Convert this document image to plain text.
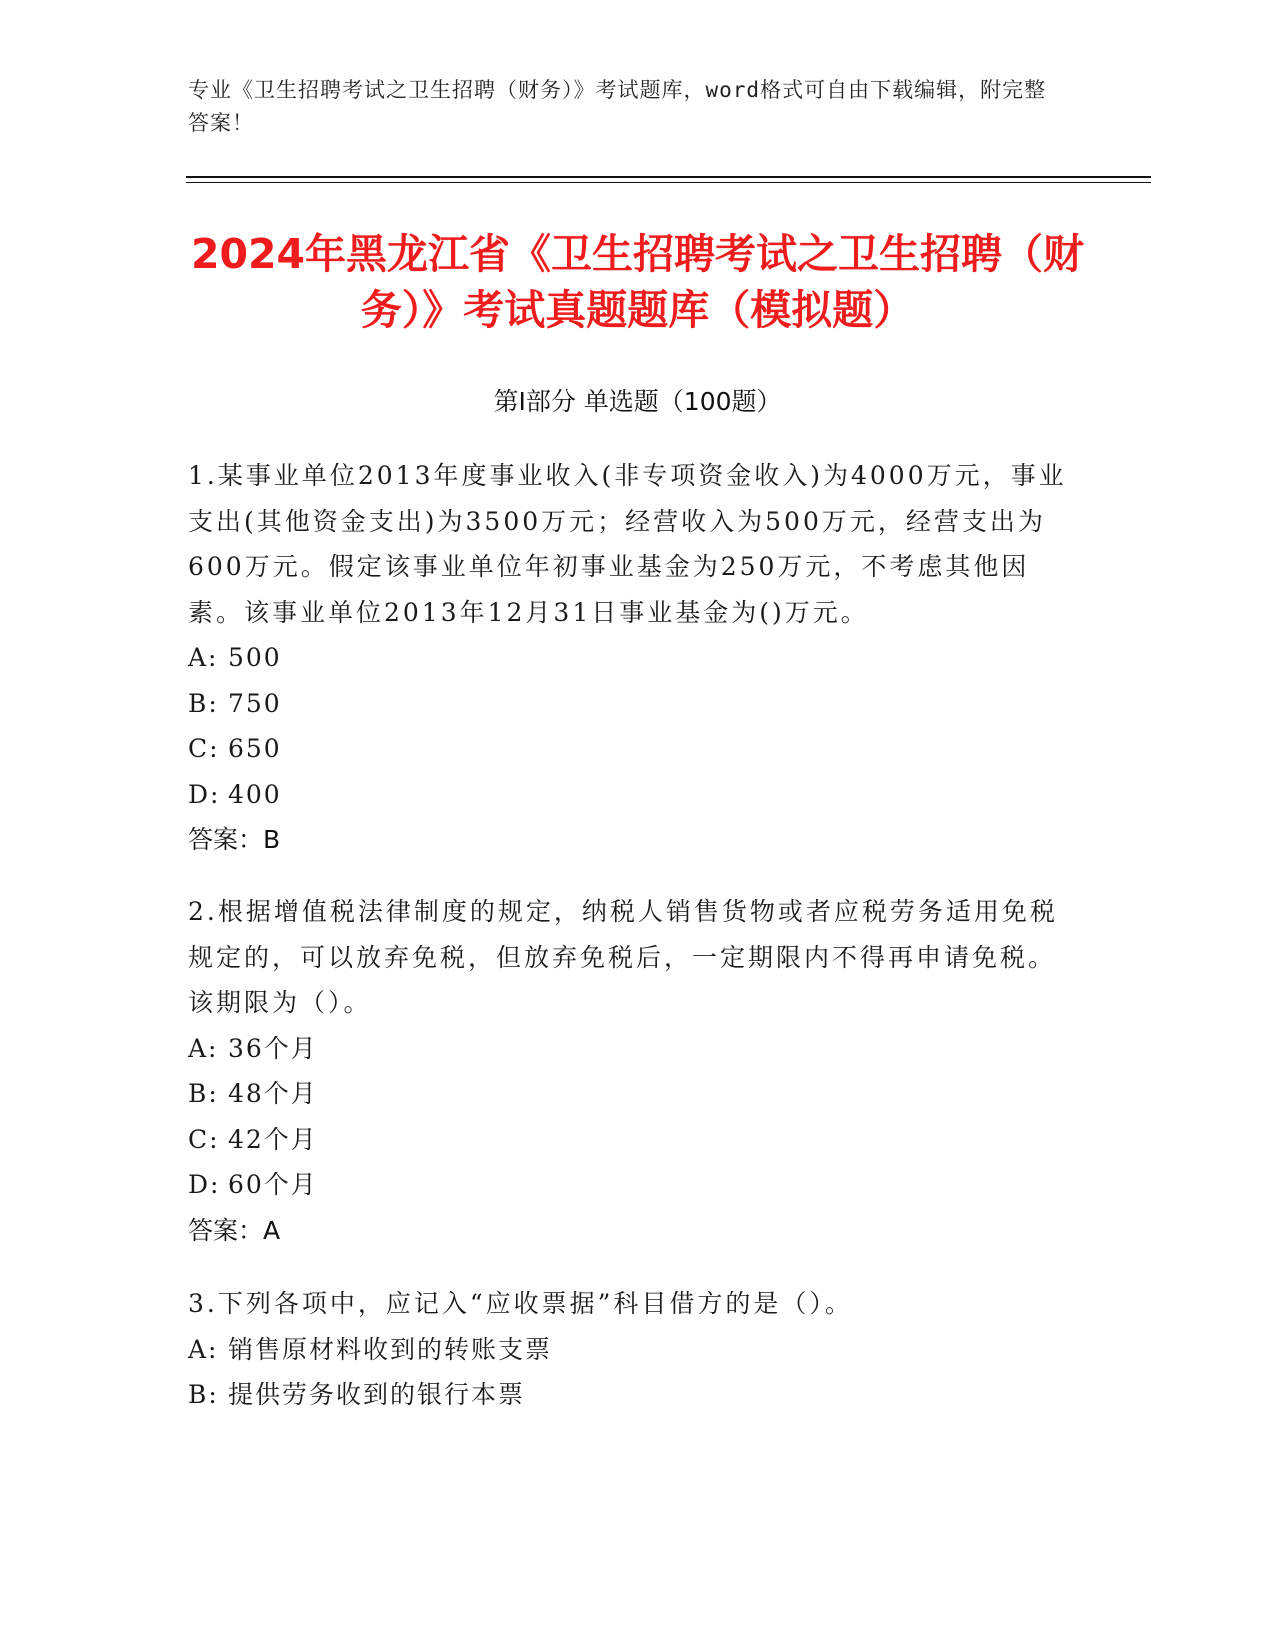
专业《卫生招聘考试之卫生招聘（财务）》考试题库，word格式可自由下载编辑，附完整答案！
2024年黑龙江省《卫生招聘考试之卫生招聘（财务）》考试真题题库（模拟题）
第I部分 单选题（100题）
1.某事业单位2013年度事业收入(非专项资金收入)为4000万元，事业支出(其他资金支出)为3500万元；经营收入为500万元，经营支出为600万元。假定该事业单位年初事业基金为250万元，不考虑其他因素。该事业单位2013年12月31日事业基金为()万元。
A: 500
B: 750
C: 650
D: 400
答案：B
2.根据增值税法律制度的规定，纳税人销售货物或者应税劳务适用免税规定的，可以放弃免税，但放弃免税后，一定期限内不得再申请免税。该期限为（）。
A: 36个月
B: 48个月
C: 42个月
D: 60个月
答案：A
3.下列各项中，应记入“应收票据”科目借方的是（）。
A: 销售原材料收到的转账支票
B: 提供劳务收到的银行本票
